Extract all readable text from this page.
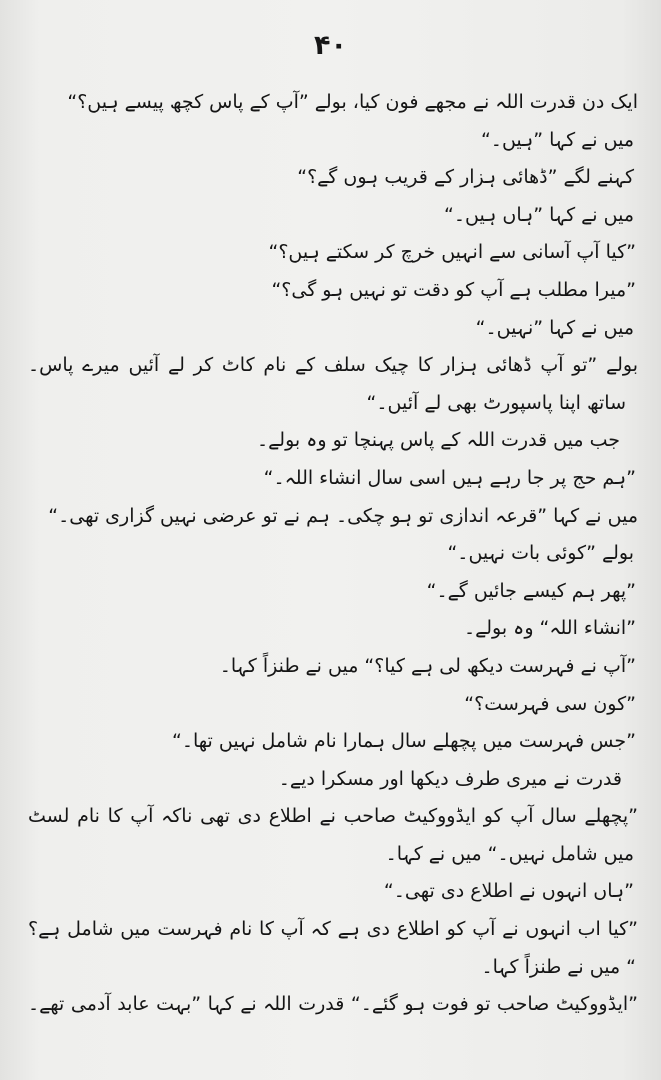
۴۰
ایک دن قدرت اللہ نے مجھے فون کیا، بولے ”آپ کے پاس کچھ پیسے ہیں؟“
میں نے کہا ”ہیں۔“
کہنے لگے ”ڈھائی ہزار کے قریب ہوں گے؟“
میں نے کہا ”ہاں ہیں۔“
”کیا آپ آسانی سے انہیں خرچ کر سکتے ہیں؟“
”میرا مطلب ہے آپ کو دقت تو نہیں ہو گی؟“
میں نے کہا ”نہیں۔“
بولے ”تو آپ ڈھائی ہزار کا چیک سلف کے نام کاٹ کر لے آئیں میرے پاس۔
ساتھ اپنا پاسپورٹ بھی لے آئیں۔“
جب میں قدرت اللہ کے پاس پہنچا تو وہ بولے۔
”ہم حج پر جا رہے ہیں اسی سال انشاء اللہ۔“
میں نے کہا ”قرعہ اندازی تو ہو چکی۔ ہم نے تو عرضی نہیں گزاری تھی۔“
بولے ”کوئی بات نہیں۔“
”پھر ہم کیسے جائیں گے۔“
”انشاء اللہ“ وہ بولے۔
”آپ نے فہرست دیکھ لی ہے کیا؟“ میں نے طنزاً کہا۔
”کون سی فہرست؟“
”جس فہرست میں پچھلے سال ہمارا نام شامل نہیں تھا۔“
قدرت نے میری طرف دیکھا اور مسکرا دیے۔
”پچھلے سال آپ کو ایڈووکیٹ صاحب نے اطلاع دی تھی ناکہ آپ کا نام لسٹ
میں شامل نہیں۔“ میں نے کہا۔
”ہاں انہوں نے اطلاع دی تھی۔“
”کیا اب انہوں نے آپ کو اطلاع دی ہے کہ آپ کا نام فہرست میں شامل ہے؟
“ میں نے طنزاً کہا۔
”ایڈووکیٹ صاحب تو فوت ہو گئے۔“ قدرت اللہ نے کہا ”بہت عابد آدمی تھے۔
